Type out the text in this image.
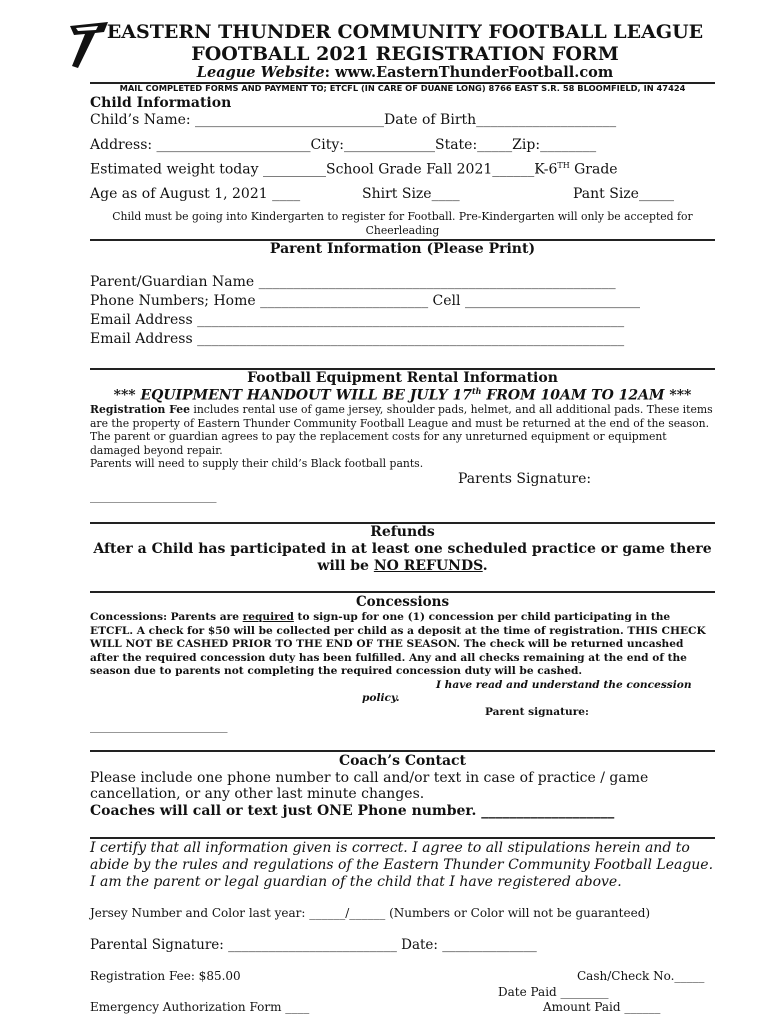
EASTERN THUNDER COMMUNITY FOOTBALL LEAGUE
FOOTBALL 2021 REGISTRATION FORM
League Website: www.EasternThunderFootball.com
MAIL COMPLETED FORMS AND PAYMENT TO; ETCFL (IN CARE OF DUANE LONG) 8766 EAST S.R. 58 BLOOMFIELD, IN 47424
Child Information
Child’s Name: ___________________________Date of Birth____________________
Address: ______________________City:_____________State:_____Zip:________
Estimated weight today _________School Grade Fall 2021______K-6TH Grade
Age as of August 1, 2021 ____	Shirt Size____	Pant Size_____
Child must be going into Kindergarten to register for Football. Pre-Kindergarten will only be accepted for Cheerleading
Parent Information (Please Print)
Parent/Guardian Name ___________________________________________________
Phone Numbers; Home ________________________ Cell _________________________
Email Address _____________________________________________________________
Email Address _____________________________________________________________
Football Equipment Rental Information
*** EQUIPMENT HANDOUT WILL BE JULY 17th FROM 10AM TO 12AM ***
Registration Fee includes rental use of game jersey, shoulder pads, helmet, and all additional pads. These items are the property of Eastern Thunder Community Football League and must be returned at the end of the season. The parent or guardian agrees to pay the replacement costs for any unreturned equipment or equipment damaged beyond repair.
Parents will need to supply their child’s Black football pants.
Parents Signature:
_______________________
Refunds
After a Child has participated in at least one scheduled practice or game there
will be NO REFUNDS.
Concessions
Concessions: Parents are required to sign-up for one (1) concession per child participating in the ETCFL. A check for $50 will be collected per child as a deposit at the time of registration. THIS CHECK WILL NOT BE CASHED PRIOR TO THE END OF THE SEASON. The check will be returned uncashed after the required concession duty has been fulfilled. Any and all checks remaining at the end of the season due to parents not completing the required concession duty will be cashed.
I have read and understand the concession
policy.
Parent signature:
_________________________
Coach’s Contact
Please include one phone number to call and/or text in case of practice / game
cancellation, or any other last minute changes.
Coaches will call or text just ONE Phone number. ___________________
I certify that all information given is correct. I agree to all stipulations herein and to
abide by the rules and regulations of the Eastern Thunder Community Football League.
I am the parent or legal guardian of the child that I have registered above.
Jersey Number and Color last year: ______/______ (Numbers or Color will not be guaranteed)
Parental Signature: _________________________ Date: ______________
Registration Fee: $85.00	Cash/Check No._____
Date Paid ________
Emergency Authorization Form ____	Amount Paid ______
